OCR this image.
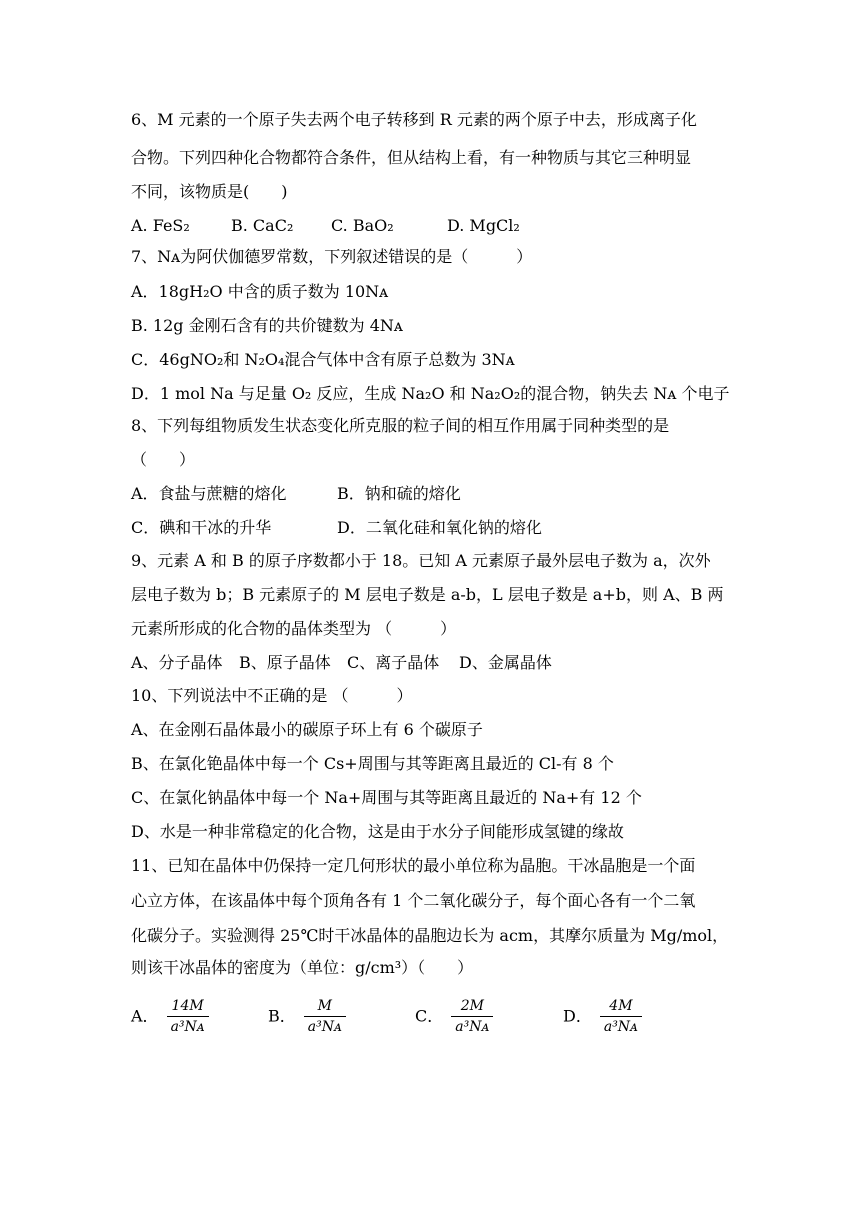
6、M 元素的一个原子失去两个电子转移到 R 元素的两个原子中去，形成离子化
合物。下列四种化合物都符合条件，但从结构上看，有一种物质与其它三种明显
不同，该物质是(　　)
A. FeS₂	B. CaC₂	C. BaO₂	D. MgCl₂
7、Nᴀ为阿伏伽德罗常数，下列叙述错误的是（　　　）
A．18gH₂O 中含的质子数为 10Nᴀ
B. 12g 金刚石含有的共价键数为 4Nᴀ
C．46gNO₂和 N₂O₄混合气体中含有原子总数为 3Nᴀ
D．1 mol Na 与足量 O₂ 反应，生成 Na₂O 和 Na₂O₂的混合物，钠失去 Nᴀ 个电子
8、下列每组物质发生状态变化所克服的粒子间的相互作用属于同种类型的是
（　　）
A．食盐与蔗糖的熔化	B．钠和硫的熔化
C．碘和干冰的升华	D．二氧化硅和氧化钠的熔化
9、元素 A 和 B 的原子序数都小于 18。已知 A 元素原子最外层电子数为 a，次外
层电子数为 b；B 元素原子的 M 层电子数是 a-b，L 层电子数是 a+b，则 A、B 两
元素所形成的化合物的晶体类型为 （　　　）
A、分子晶体	B、原子晶体	C、离子晶体	D、金属晶体
10、下列说法中不正确的是 （　　　）
A、在金刚石晶体最小的碳原子环上有 6 个碳原子
B、在氯化铯晶体中每一个 Cs+周围与其等距离且最近的 Cl-有 8 个
C、在氯化钠晶体中每一个 Na+周围与其等距离且最近的 Na+有 12 个
D、水是一种非常稳定的化合物，这是由于水分子间能形成氢键的缘故
11、已知在晶体中仍保持一定几何形状的最小单位称为晶胞。干冰晶胞是一个面
心立方体，在该晶体中每个顶角各有 1 个二氧化碳分子，每个面心各有一个二氧
化碳分子。实验测得 25℃时干冰晶体的晶胞边长为 acm，其摩尔质量为 Mg/mol，
则该干冰晶体的密度为（单位：g/cm³）（　　）
A． $\frac{14M}{\text{a³Nᴀ}}$	B． $\frac{M}{\text{a³Nᴀ}}$	C． $\frac{2M}{\text{a³Nᴀ}}$	D． $\frac{4M}{\text{a³Nᴀ}}$
